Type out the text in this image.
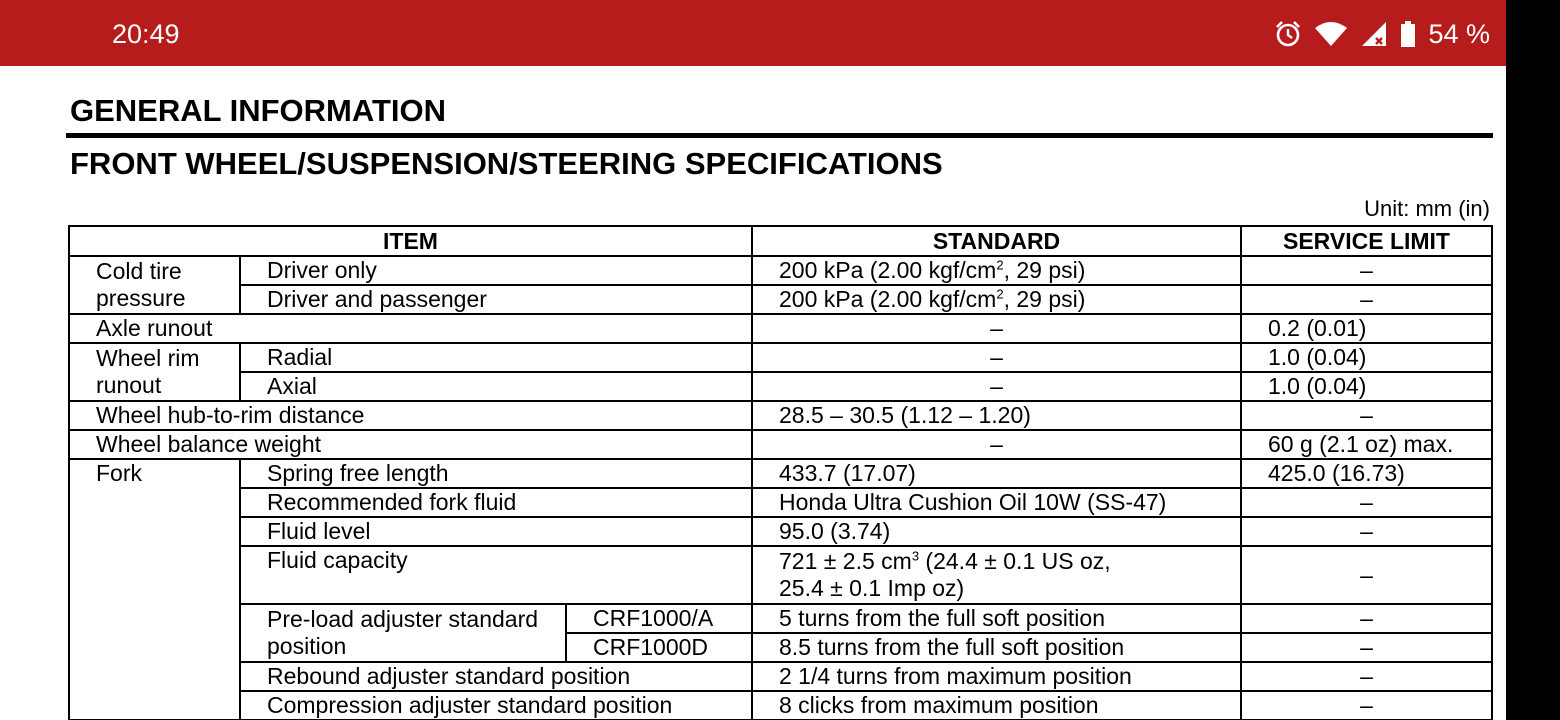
20:49	54 %
GENERAL INFORMATION
FRONT WHEEL/SUSPENSION/STEERING SPECIFICATIONS
Unit: mm (in)
ITEM			STANDARD	SERVICE LIMIT
Cold tire pressure	Driver only		200 kPa (2.00 kgf/$cm^2$, 29 psi)	–
	Driver and passenger		200 kPa (2.00 kgf/$cm^2$, 29 psi)	–
Axle runout			–	0.2 (0.01)
Wheel rim runout	Radial		–	1.0 (0.04)
	Axial		–	1.0 (0.04)
Wheel hub-to-rim distance			28.5 – 30.5 (1.12 – 1.20)	–
Wheel balance weight			–	60 g (2.1 oz) max.
Fork	Spring free length		433.7 (17.07)	425.0 (16.73)
	Recommended fork fluid		Honda Ultra Cushion Oil 10W (SS-47)	–
	Fluid level		95.0 (3.74)	–
	Fluid capacity		721 ± 2.5 $cm^3$ (24.4 ± 0.1 US oz,
25.4 ± 0.1 Imp oz)	–
	Pre-load adjuster standard position	CRF1000/A	5 turns from the full soft position	–
		CRF1000D	8.5 turns from the full soft position	–
	Rebound adjuster standard position		2 1/4 turns from maximum position	–
	Compression adjuster standard position		8 clicks from maximum position	–
